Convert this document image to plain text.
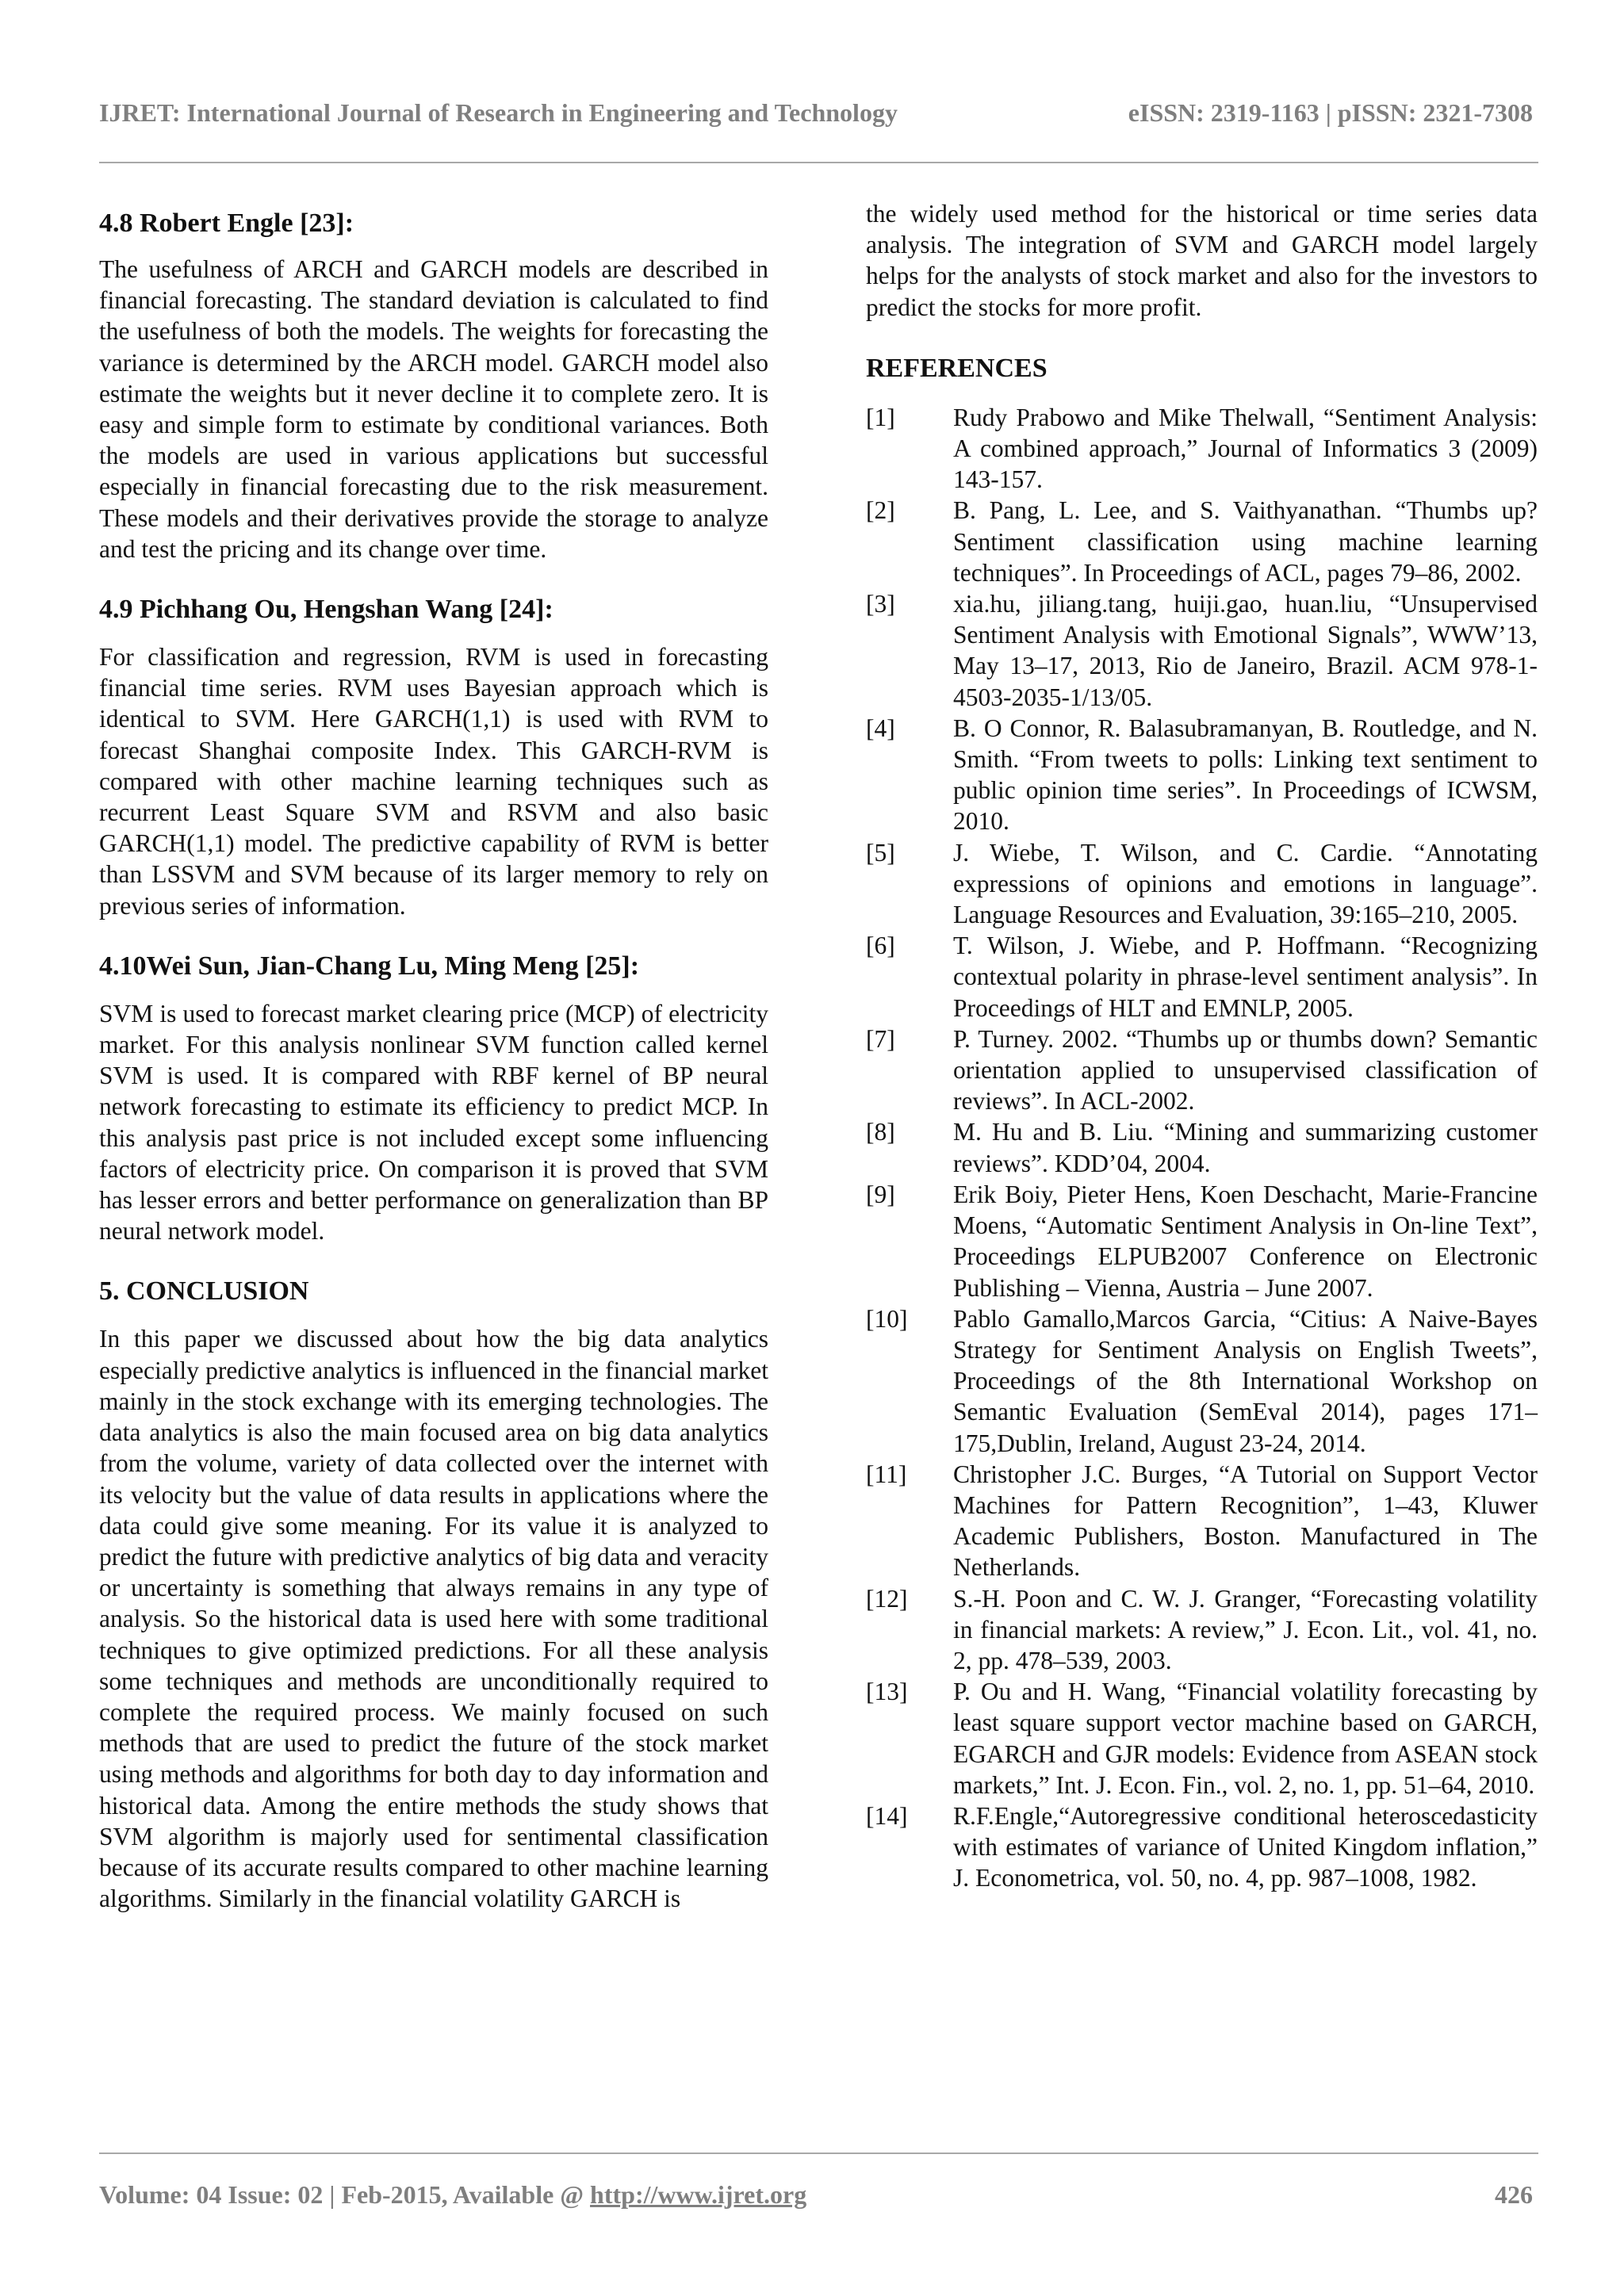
IJRET: International Journal of Research in Engineering and Technology	eISSN: 2319-1163 | pISSN: 2321-7308
4.8 Robert Engle [23]:

The usefulness of ARCH and GARCH models are described in financial forecasting. The standard deviation is calculated to find the usefulness of both the models. The weights for forecasting the variance is determined by the ARCH model. GARCH model also estimate the weights but it never decline it to complete zero. It is easy and simple form to estimate by conditional variances. Both the models are used in various applications but successful especially in financial forecasting due to the risk measurement. These models and their derivatives provide the storage to analyze and test the pricing and its change over time.

4.9 Pichhang Ou, Hengshan Wang [24]:

For classification and regression, RVM is used in forecasting financial time series. RVM uses Bayesian approach which is identical to SVM. Here GARCH(1,1) is used with RVM to forecast Shanghai composite Index. This GARCH-RVM is compared with other machine learning techniques such as recurrent Least Square SVM and RSVM and also basic GARCH(1,1) model. The predictive capability of RVM is better than LSSVM and SVM because of its larger memory to rely on previous series of information.

4.10Wei Sun, Jian-Chang Lu, Ming Meng [25]:

SVM is used to forecast market clearing price (MCP) of electricity market. For this analysis nonlinear SVM function called kernel SVM is used. It is compared with RBF kernel of BP neural network forecasting to estimate its efficiency to predict MCP. In this analysis past price is not included except some influencing factors of electricity price. On comparison it is proved that SVM has lesser errors and better performance on generalization than BP neural network model.

5. CONCLUSION

In this paper we discussed about how the big data analytics especially predictive analytics is influenced in the financial market mainly in the stock exchange with its emerging technologies. The data analytics is also the main focused area on big data analytics from the volume, variety of data collected over the internet with its velocity but the value of data results in applications where the data could give some meaning. For its value it is analyzed to predict the future with predictive analytics of big data and veracity or uncertainty is something that always remains in any type of analysis. So the historical data is used here with some traditional techniques to give optimized predictions. For all these analysis some techniques and methods are unconditionally required to complete the required process. We mainly focused on such methods that are used to predict the future of the stock market using methods and algorithms for both day to day information and historical data. Among the entire methods the study shows that SVM algorithm is majorly used for sentimental classification because of its accurate results compared to other machine learning algorithms. Similarly in the financial volatility GARCH is

the widely used method for the historical or time series data analysis. The integration of SVM and GARCH model largely helps for the analysts of stock market and also for the investors to predict the stocks for more profit.

REFERENCES
[1]	Rudy Prabowo and Mike Thelwall, “Sentiment Analysis: A combined approach,” Journal of Informatics 3 (2009) 143-157.
[2]	B. Pang, L. Lee, and S. Vaithyanathan. “Thumbs up? Sentiment classification using machine learning techniques”. In Proceedings of ACL, pages 79–86, 2002.
[3]	xia.hu, jiliang.tang, huiji.gao, huan.liu, “Unsupervised Sentiment Analysis with Emotional Signals”, WWW’13, May 13–17, 2013, Rio de Janeiro, Brazil. ACM 978-1-4503-2035-1/13/05.
[4]	B. O Connor, R. Balasubramanyan, B. Routledge, and N. Smith. “From tweets to polls: Linking text sentiment to public opinion time series”. In Proceedings of ICWSM, 2010.
[5]	J. Wiebe, T. Wilson, and C. Cardie. “Annotating expressions of opinions and emotions in language”. Language Resources and Evaluation, 39:165–210, 2005.
[6]	T. Wilson, J. Wiebe, and P. Hoffmann. “Recognizing contextual polarity in phrase-level sentiment analysis”. In Proceedings of HLT and EMNLP, 2005.
[7]	P. Turney. 2002. “Thumbs up or thumbs down? Semantic orientation applied to unsupervised classification of reviews”. In ACL-2002.
[8]	M. Hu and B. Liu. “Mining and summarizing customer reviews”. KDD’04, 2004.
[9]	Erik Boiy, Pieter Hens, Koen Deschacht, Marie-Francine Moens, “Automatic Sentiment Analysis in On-line Text”, Proceedings ELPUB2007 Conference on Electronic Publishing – Vienna, Austria – June 2007.
[10]	Pablo Gamallo,Marcos Garcia, “Citius: A Naive-Bayes Strategy for Sentiment Analysis on English Tweets”, Proceedings of the 8th International Workshop on Semantic Evaluation (SemEval 2014), pages 171–175,Dublin, Ireland, August 23-24, 2014.
[11]	Christopher J.C. Burges, “A Tutorial on Support Vector Machines for Pattern Recognition”, 1–43, Kluwer Academic Publishers, Boston. Manufactured in The Netherlands.
[12]	S.-H. Poon and C. W. J. Granger, “Forecasting volatility in financial markets: A review,” J. Econ. Lit., vol. 41, no. 2, pp. 478–539, 2003.
[13]	P. Ou and H. Wang, “Financial volatility forecasting by least square support vector machine based on GARCH, EGARCH and GJR models: Evidence from ASEAN stock markets,” Int. J. Econ. Fin., vol. 2, no. 1, pp. 51–64, 2010.
[14]	R.F.Engle,“Autoregressive conditional heteroscedasticity with estimates of variance of United Kingdom inflation,” J. Econometrica, vol. 50, no. 4, pp. 987–1008, 1982.
Volume: 04 Issue: 02 | Feb-2015, Available @ http://www.ijret.org	426
